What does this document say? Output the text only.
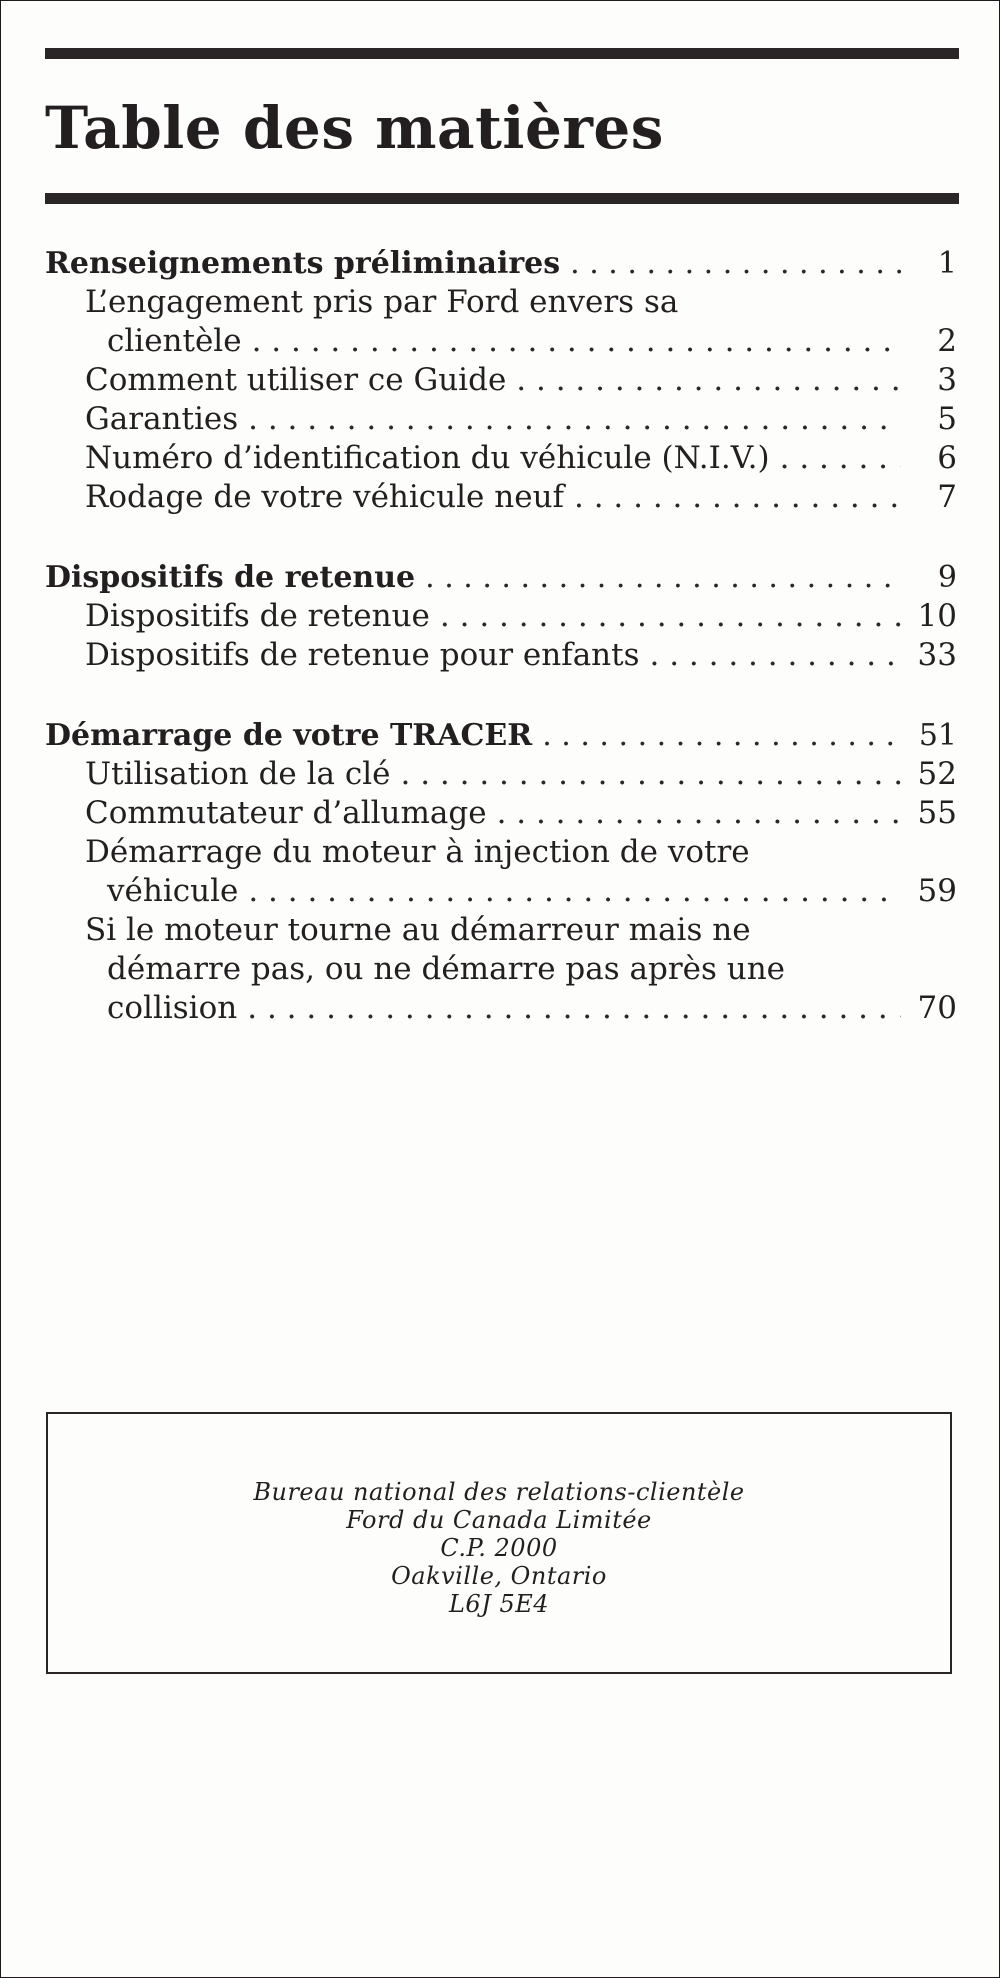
Table des matières
Renseignements préliminaires . . .	1
L’engagement pris par Ford envers sa
clientèle . . .	2
Comment utiliser ce Guide . . .	3
Garanties . . .	5
Numéro d’identification du véhicule (N.I.V.) . . .	6
Rodage de votre véhicule neuf . . .	7
Dispositifs de retenue . . .	9
Dispositifs de retenue . . .	10
Dispositifs de retenue pour enfants . . .	33
Démarrage de votre TRACER . . .	51
Utilisation de la clé . . .	52
Commutateur d’allumage . . .	55
Démarrage du moteur à injection de votre
véhicule . . .	59
Si le moteur tourne au démarreur mais ne
démarre pas, ou ne démarre pas après une
collision . . .	70
Bureau national des relations-clientèle
Ford du Canada Limitée
C.P. 2000
Oakville, Ontario
L6J 5E4
